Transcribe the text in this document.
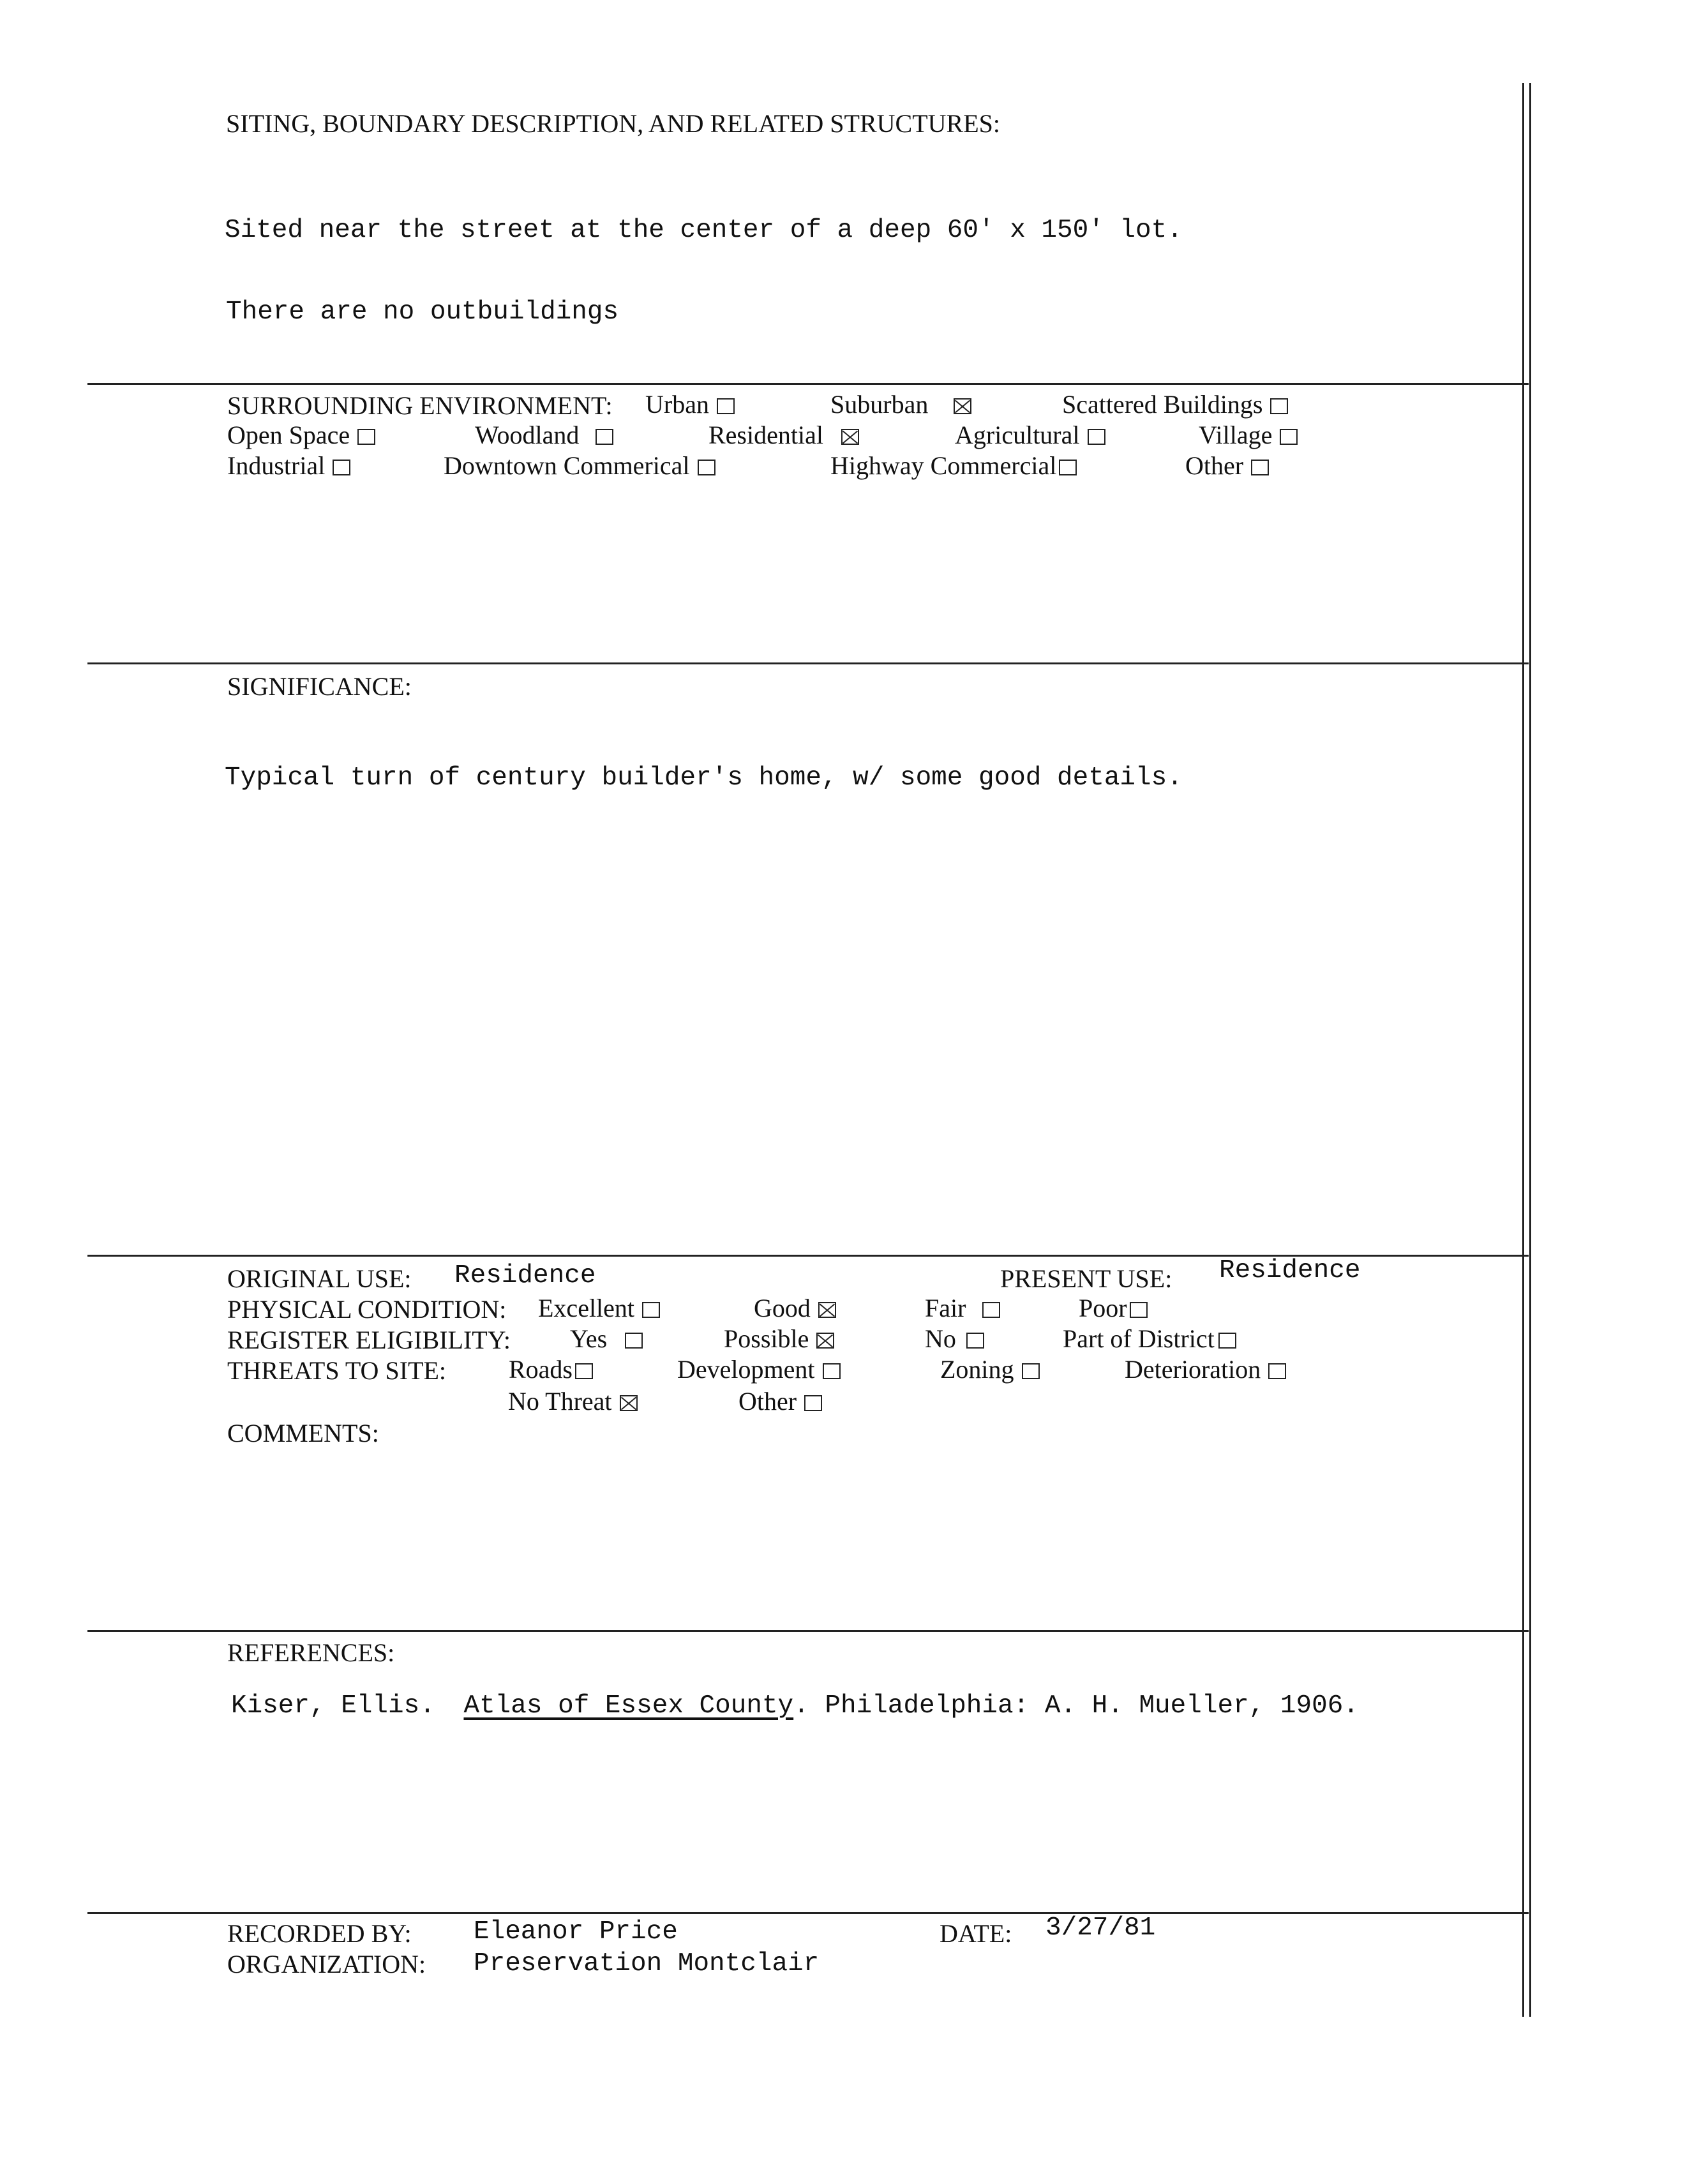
SITING, BOUNDARY DESCRIPTION, AND RELATED STRUCTURES:
Sited near the street at the center of a deep 60' x 150' lot.
There are no outbuildings
SURROUNDING ENVIRONMENT: Urban	Suburban	Scattered Buildings
Open Space	Woodland	Residential	Agricultural	Village
Industrial	Downtown Commerical	Highway Commercial	Other
SIGNIFICANCE:
Typical turn of century builder's home, w/ some good details.
ORIGINAL USE: Residence	PRESENT USE: Residence
PHYSICAL CONDITION: Excellent	Good	Fair	Poor
REGISTER ELIGIBILITY: Yes	Possible	No	Part of District
THREATS TO SITE: Roads	Development	Zoning	Deterioration
No Threat	Other
COMMENTS:
REFERENCES:
Kiser, Ellis. Atlas of Essex County. Philadelphia: A. H. Mueller, 1906.
RECORDED BY: Eleanor Price
ORGANIZATION: Preservation Montclair
DATE: 3/27/81
